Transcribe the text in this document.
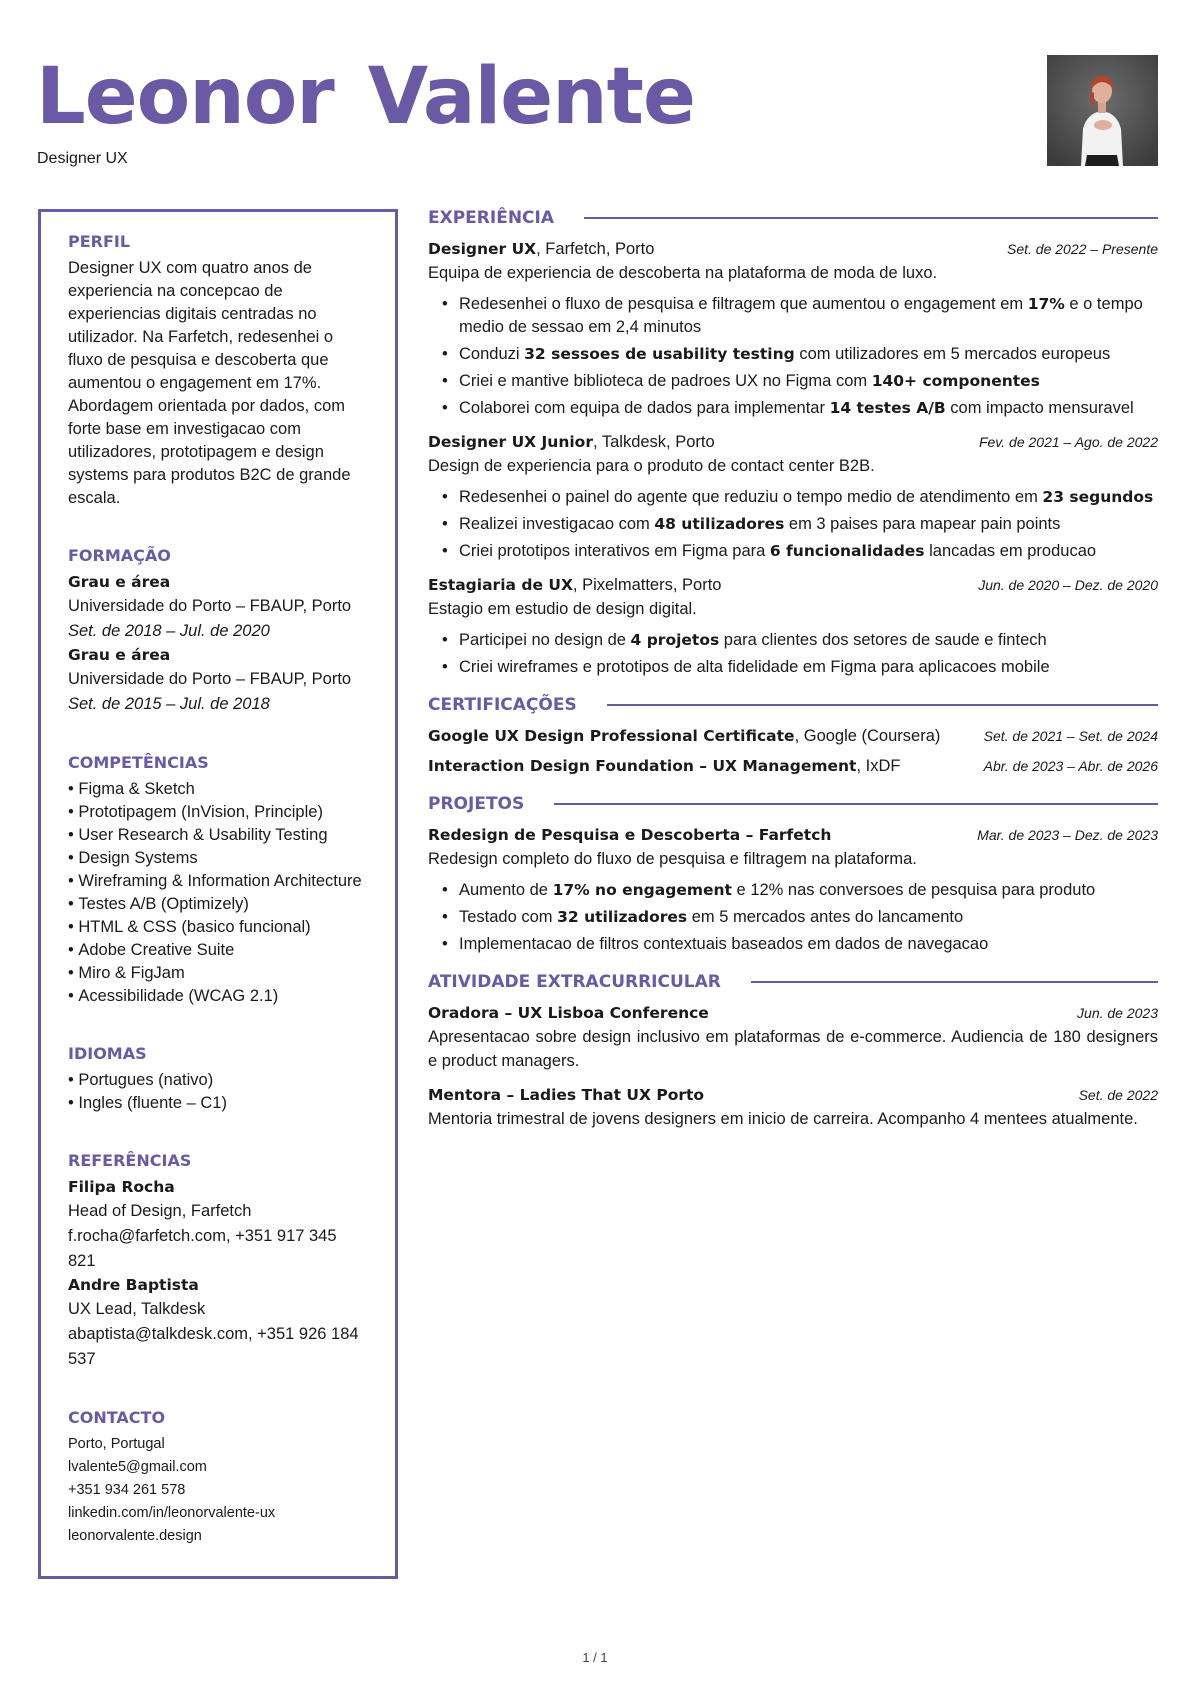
Leonor Valente
Designer UX
PERFIL
Designer UX com quatro anos de experiencia na concepcao de experiencias digitais centradas no utilizador. Na Farfetch, redesenhei o fluxo de pesquisa e descoberta que aumentou o engagement em 17%. Abordagem orientada por dados, com forte base em investigacao com utilizadores, prototipagem e design systems para produtos B2C de grande escala.
FORMAÇÃO
Grau e área
Universidade do Porto – FBAUP, Porto
Set. de 2018 – Jul. de 2020
Grau e área
Universidade do Porto – FBAUP, Porto
Set. de 2015 – Jul. de 2018
COMPETÊNCIAS
• Figma & Sketch
• Prototipagem (InVision, Principle)
• User Research & Usability Testing
• Design Systems
• Wireframing & Information Architecture
• Testes A/B (Optimizely)
• HTML & CSS (basico funcional)
• Adobe Creative Suite
• Miro & FigJam
• Acessibilidade (WCAG 2.1)
IDIOMAS
• Portugues (nativo)
• Ingles (fluente – C1)
REFERÊNCIAS
Filipa Rocha
Head of Design, Farfetch
f.rocha@farfetch.com, +351 917 345 821
Andre Baptista
UX Lead, Talkdesk
abaptista@talkdesk.com, +351 926 184 537
CONTACTO
Porto, Portugal
lvalente5@gmail.com
+351 934 261 578
linkedin.com/in/leonorvalente-ux
leonorvalente.design
EXPERIÊNCIA
Designer UX, Farfetch, Porto	Set. de 2022 – Presente
Equipa de experiencia de descoberta na plataforma de moda de luxo.
• Redesenhei o fluxo de pesquisa e filtragem que aumentou o engagement em 17% e o tempo medio de sessao em 2,4 minutos
• Conduzi 32 sessoes de usability testing com utilizadores em 5 mercados europeus
• Criei e mantive biblioteca de padroes UX no Figma com 140+ componentes
• Colaborei com equipa de dados para implementar 14 testes A/B com impacto mensuravel
Designer UX Junior, Talkdesk, Porto	Fev. de 2021 – Ago. de 2022
Design de experiencia para o produto de contact center B2B.
• Redesenhei o painel do agente que reduziu o tempo medio de atendimento em 23 segundos
• Realizei investigacao com 48 utilizadores em 3 paises para mapear pain points
• Criei prototipos interativos em Figma para 6 funcionalidades lancadas em producao
Estagiaria de UX, Pixelmatters, Porto	Jun. de 2020 – Dez. de 2020
Estagio em estudio de design digital.
• Participei no design de 4 projetos para clientes dos setores de saude e fintech
• Criei wireframes e prototipos de alta fidelidade em Figma para aplicacoes mobile
CERTIFICAÇÕES
Google UX Design Professional Certificate, Google (Coursera)	Set. de 2021 – Set. de 2024
Interaction Design Foundation – UX Management, IxDF	Abr. de 2023 – Abr. de 2026
PROJETOS
Redesign de Pesquisa e Descoberta – Farfetch	Mar. de 2023 – Dez. de 2023
Redesign completo do fluxo de pesquisa e filtragem na plataforma.
• Aumento de 17% no engagement e 12% nas conversoes de pesquisa para produto
• Testado com 32 utilizadores em 5 mercados antes do lancamento
• Implementacao de filtros contextuais baseados em dados de navegacao
ATIVIDADE EXTRACURRICULAR
Oradora – UX Lisboa Conference	Jun. de 2023
Apresentacao sobre design inclusivo em plataformas de e-commerce. Audiencia de 180 designers e product managers.
Mentora – Ladies That UX Porto	Set. de 2022
Mentoria trimestral de jovens designers em inicio de carreira. Acompanho 4 mentees atualmente.
1 / 1
